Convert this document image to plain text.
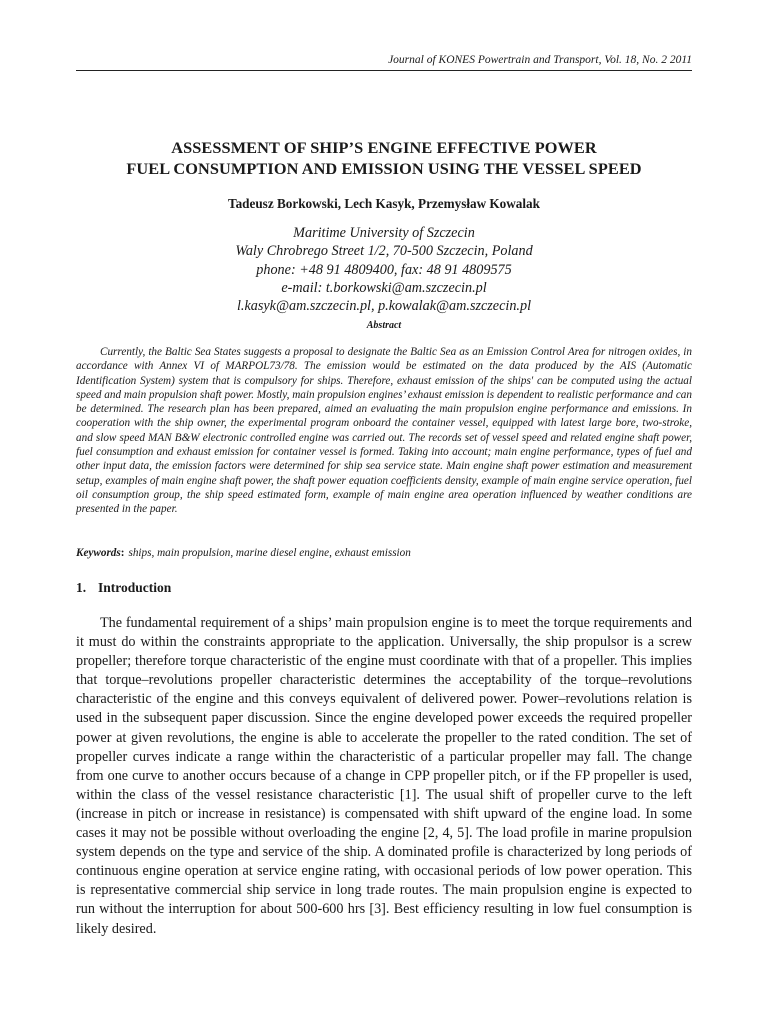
Journal of KONES Powertrain and Transport, Vol. 18, No. 2 2011
ASSESSMENT OF SHIP’S ENGINE EFFECTIVE POWER
FUEL CONSUMPTION AND EMISSION USING THE VESSEL SPEED
Tadeusz Borkowski, Lech Kasyk, Przemysław Kowalak
Maritime University of Szczecin
Waly Chrobrego Street 1/2, 70-500 Szczecin, Poland
phone: +48 91 4809400, fax: 48 91 4809575
e-mail: t.borkowski@am.szczecin.pl
l.kasyk@am.szczecin.pl, p.kowalak@am.szczecin.pl
Abstract

Currently, the Baltic Sea States suggests a proposal to designate the Baltic Sea as an Emission Control Area for nitrogen oxides, in accordance with Annex VI of MARPOL73/78. The emission would be estimated on the data produced by the AIS (Automatic Identification System) system that is compulsory for ships. Therefore, exhaust emission of the ships' can be computed using the actual speed and main propulsion shaft power. Mostly, main propulsion engines’ exhaust emission is dependent to realistic performance and can be determined. The research plan has been prepared, aimed an evaluating the main propulsion engine performance and emissions. In cooperation with the ship owner, the experimental program onboard the container vessel, equipped with latest large bore, two-stroke, and slow speed MAN B&W electronic controlled engine was carried out. The records set of vessel speed and related engine shaft power, fuel consumption and exhaust emission for container vessel is formed. Taking into account; main engine performance, types of fuel and other input data, the emission factors were determined for ship sea service state. Main engine shaft power estimation and measurement setup, examples of main engine shaft power, the shaft power equation coefficients density, example of main engine service operation, fuel oil consumption group, the ship speed estimated form, example of main engine area operation influenced by weather conditions are presented in the paper.

Keywords: ships, main propulsion, marine diesel engine, exhaust emission
1. Introduction

The fundamental requirement of a ships’ main propulsion engine is to meet the torque requirements and it must do within the constraints appropriate to the application. Universally, the ship propulsor is a screw propeller; therefore torque characteristic of the engine must coordinate with that of a propeller. This implies that torque–revolutions propeller characteristic determines the acceptability of the torque–revolutions characteristic of the engine and this conveys equivalent of delivered power. Power–revolutions relation is used in the subsequent paper discussion. Since the engine developed power exceeds the required propeller power at given revolutions, the engine is able to accelerate the propeller to the rated condition. The set of propeller curves indicate a range within the characteristic of a particular propeller may fall. The change from one curve to another occurs because of a change in CPP propeller pitch, or if the FP propeller is used, within the class of the vessel resistance characteristic [1]. The usual shift of propeller curve to the left (increase in pitch or increase in resistance) is compensated with shift upward of the engine load. In some cases it may not be possible without overloading the engine [2, 4, 5]. The load profile in marine propulsion system depends on the type and service of the ship. A dominated profile is characterized by long periods of continuous engine operation at service engine rating, with occasional periods of low power operation. This is representative commercial ship service in long trade routes. The main propulsion engine is expected to run without the interruption for about 500-600 hrs [3]. Best efficiency resulting in low fuel consumption is likely desired.
